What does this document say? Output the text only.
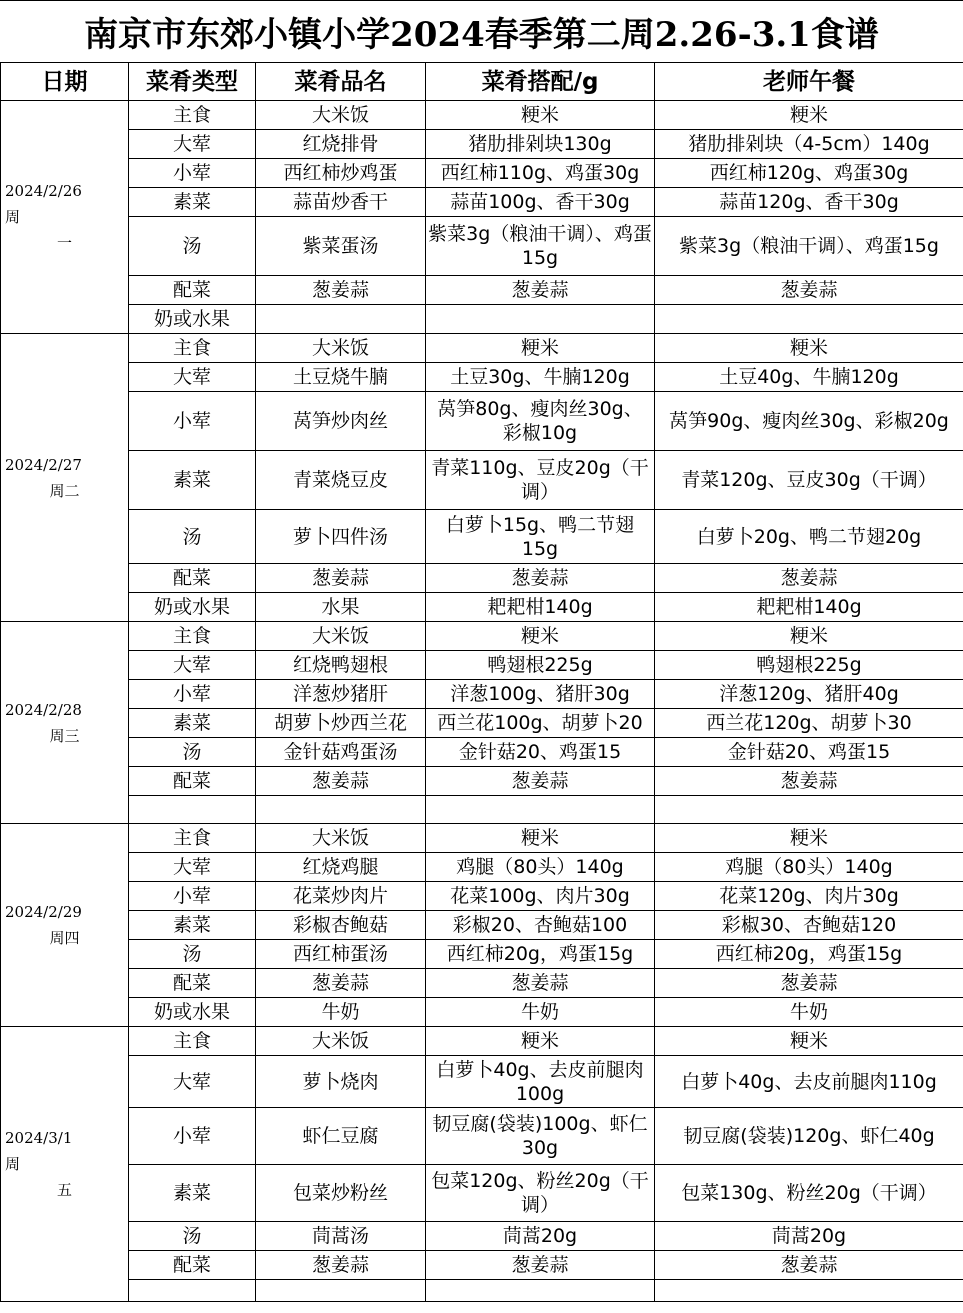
南京市东郊小镇小学2024春季第二周2.26-3.1食谱
日期	菜肴类型	菜肴品名	菜肴搭配/g	老师午餐

2024/2/26周
一	主食	大米饭	粳米	粳米
	大荤	红烧排骨	猪肋排剁块130g	猪肋排剁块（4-5cm）140g
	小荤	西红柿炒鸡蛋	西红柿110g、鸡蛋30g	西红柿120g、鸡蛋30g
	素菜	蒜苗炒香干	蒜苗100g、香干30g	蒜苗120g、香干30g
	汤	紫菜蛋汤	紫菜3g（粮油干调）、鸡蛋15g	紫菜3g（粮油干调）、鸡蛋15g
	配菜	葱姜蒜	葱姜蒜	葱姜蒜
	奶或水果			

2024/2/27
周二	主食	大米饭	粳米	粳米
	大荤	土豆烧牛腩	土豆30g、牛腩120g	土豆40g、牛腩120g
	小荤	莴笋炒肉丝	莴笋80g、瘦肉丝30g、彩椒10g	莴笋90g、瘦肉丝30g、彩椒20g
	素菜	青菜烧豆皮	青菜110g、豆皮20g（干调）	青菜120g、豆皮30g（干调）
	汤	萝卜四件汤	白萝卜15g、鸭二节翅15g	白萝卜20g、鸭二节翅20g
	配菜	葱姜蒜	葱姜蒜	葱姜蒜
	奶或水果	水果	耙耙柑140g	耙耙柑140g

2024/2/28
周三	主食	大米饭	粳米	粳米
	大荤	红烧鸭翅根	鸭翅根225g	鸭翅根225g
	小荤	洋葱炒猪肝	洋葱100g、猪肝30g	洋葱120g、猪肝40g
	素菜	胡萝卜炒西兰花	西兰花100g、胡萝卜20	西兰花120g、胡萝卜30
	汤	金针菇鸡蛋汤	金针菇20、鸡蛋15	金针菇20、鸡蛋15
	配菜	葱姜蒜	葱姜蒜	葱姜蒜

2024/2/29
周四	主食	大米饭	粳米	粳米
	大荤	红烧鸡腿	鸡腿（80头）140g	鸡腿（80头）140g
	小荤	花菜炒肉片	花菜100g、肉片30g	花菜120g、肉片30g
	素菜	彩椒杏鲍菇	彩椒20、杏鲍菇100	彩椒30、杏鲍菇120
	汤	西红柿蛋汤	西红柿20g，鸡蛋15g	西红柿20g，鸡蛋15g
	配菜	葱姜蒜	葱姜蒜	葱姜蒜
	奶或水果	牛奶	牛奶	牛奶

2024/3/1周
五	主食	大米饭	粳米	粳米
	大荤	萝卜烧肉	白萝卜40g、去皮前腿肉100g	白萝卜40g、去皮前腿肉110g
	小荤	虾仁豆腐	韧豆腐(袋装)100g、虾仁30g	韧豆腐(袋装)120g、虾仁40g
	素菜	包菜炒粉丝	包菜120g、粉丝20g（干调）	包菜130g、粉丝20g（干调）
	汤	茼蒿汤	茼蒿20g	茼蒿20g
	配菜	葱姜蒜	葱姜蒜	葱姜蒜
